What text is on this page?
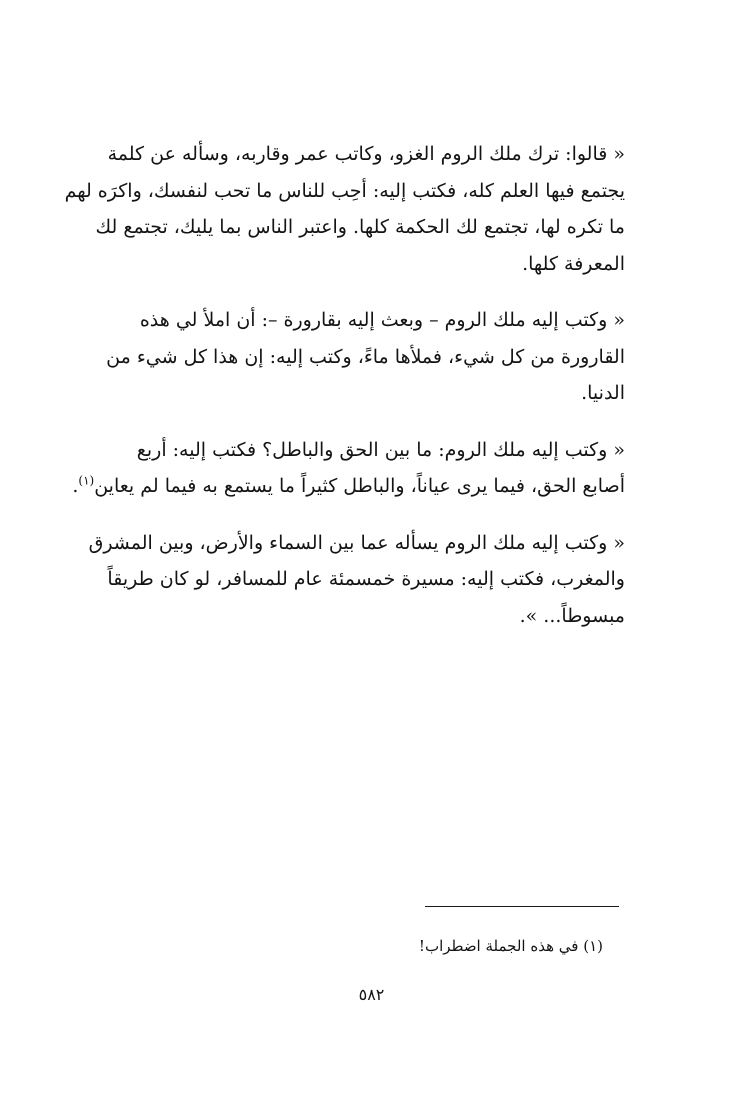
« قالوا: ترك ملك الروم الغزو، وكاتب عمر وقاربه، وسأله عن كلمة
يجتمع فيها العلم كله، فكتب إليه: أحِب للناس ما تحب لنفسك، واكرَه لهم
ما تكره لها، تجتمع لك الحكمة كلها. واعتبر الناس بما يليك، تجتمع لك
المعرفة كلها.

« وكتب إليه ملك الروم – وبعث إليه بقارورة –: أن املأ لي هذه
القارورة من كل شيء، فملأها ماءً، وكتب إليه: إن هذا كل شيء من
الدنيا.

« وكتب إليه ملك الروم: ما بين الحق والباطل؟ فكتب إليه: أربع
أصابع الحق، فيما يرى عياناً، والباطل كثيراً ما يستمع به فيما لم يعاين$^{(١)}$.

« وكتب إليه ملك الروم يسأله عما بين السماء والأرض، وبين المشرق
والمغرب، فكتب إليه: مسيرة خمسمئة عام للمسافر، لو كان طريقاً
مبسوطاً... ».

(١) في هذه الجملة اضطراب!
٥٨٢
